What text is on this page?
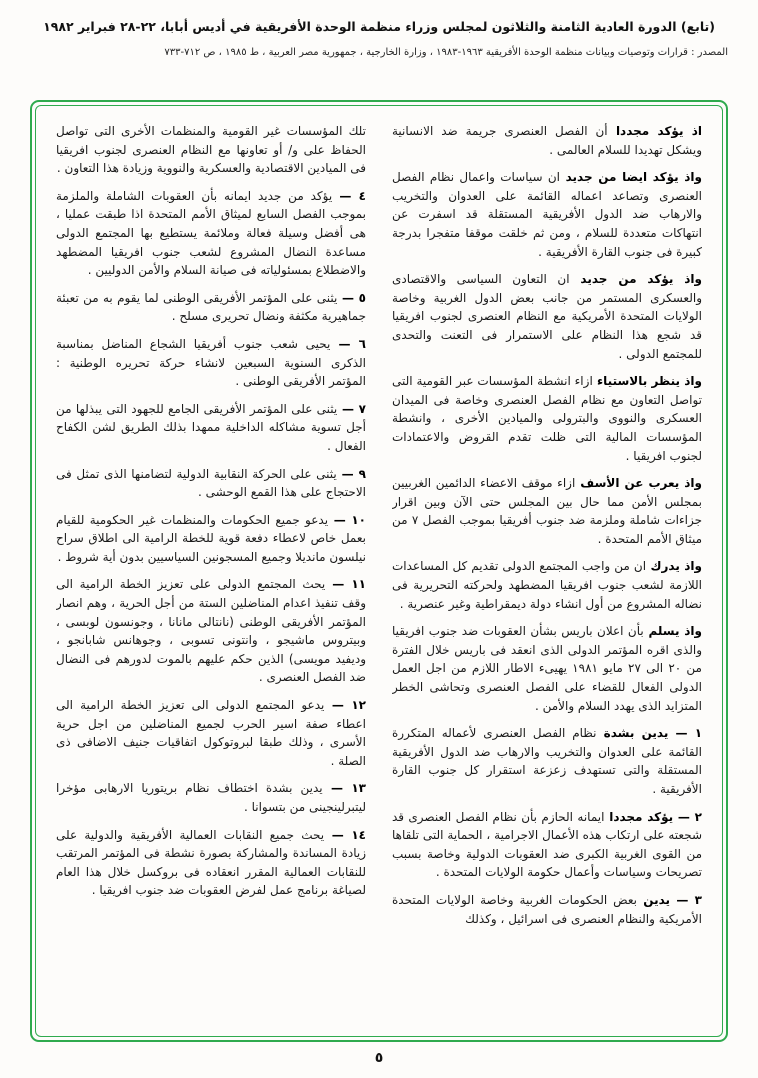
(تابع) الدورة العادية الثامنة والثلاثون لمجلس وزراء منظمة الوحدة الأفريقية في أديس أبابا، ٢٢-٢٨ فبراير ١٩٨٢
المصدر : قرارات وتوصيات وبيانات منظمة الوحدة الأفريقية ١٩٦٣-١٩٨٣ ، وزارة الخارجية ، جمهورية مصر العربية ، ط ١٩٨٥ ، ص ٧١٢-٧٣٣

اذ يؤكد مجددا أن الفصل العنصرى جريمة ضد الانسانية ويشكل تهديدا للسلام العالمى .

واذ يؤكد ايضا من جديد ان سياسات واعمال نظام الفصل العنصرى وتصاعد اعماله القائمة على العدوان والتخريب والارهاب ضد الدول الأفريقية المستقلة قد اسفرت عن انتهاكات متعددة للسلام ، ومن ثم خلقت موقفا متفجرا بدرجة كبيرة فى جنوب القارة الأفريقية .

واذ يؤكد من جديد ان التعاون السياسى والاقتصادى والعسكرى المستمر من جانب بعض الدول الغربية وخاصة الولايات المتحدة الأمريكية مع النظام العنصرى لجنوب افريقيا قد شجع هذا النظام على الاستمرار فى التعنت والتحدى للمجتمع الدولى .

واذ ينظر بالاستياء ازاء انشطة المؤسسات عبر القومية التى تواصل التعاون مع نظام الفصل العنصرى وخاصة فى الميدان العسكرى والنووى والبترولى والميادين الأخرى ، وانشطة المؤسسات المالية التى ظلت تقدم القروض والاعتمادات لجنوب افريقيا .

واذ يعرب عن الأسف ازاء موقف الاعضاء الدائمين الغربيين بمجلس الأمن مما حال بين المجلس حتى الآن وبين اقرار جزاءات شاملة وملزمة ضد جنوب أفريقيا بموجب الفصل ٧ من ميثاق الأمم المتحدة .

واذ يدرك ان من واجب المجتمع الدولى تقديم كل المساعدات اللازمة لشعب جنوب افريقيا المضطهد ولحركته التحريرية فى نضاله المشروع من أول انشاء دولة ديمقراطية وغير عنصرية .

واذ يسلم بأن اعلان باريس بشأن العقوبات ضد جنوب افريقيا والذى اقره المؤتمر الدولى الذى انعقد فى باريس خلال الفترة من ٢٠ الى ٢٧ مايو ١٩٨١ يهيىء الاطار اللازم من اجل العمل الدولى الفعال للقضاء على الفصل العنصرى وتحاشى الخطر المتزايد الذى يهدد السلام والأمن .

١ — يدين بشدة نظام الفصل العنصرى لأعماله المتكررة القائمة على العدوان والتخريب والارهاب ضد الدول الأفريقية المستقلة والتى تستهدف زعزعة استقرار كل جنوب القارة الأفريقية .

٢ — يؤكد مجددا ايمانه الحازم بأن نظام الفصل العنصرى قد شجعته على ارتكاب هذه الأعمال الاجرامية ، الحماية التى تلقاها من القوى الغربية الكبرى ضد العقوبات الدولية وخاصة بسبب تصريحات وسياسات وأعمال حكومة الولايات المتحدة .

٣ — يدين بعض الحكومات الغربية وخاصة الولايات المتحدة الأمريكية والنظام العنصرى فى اسرائيل ، وكذلك

تلك المؤسسات غير القومية والمنظمات الأخرى التى تواصل الحفاظ على و/ أو تعاونها مع النظام العنصرى لجنوب افريقيا فى الميادين الاقتصادية والعسكرية والنووية وزيادة هذا التعاون .

٤ — يؤكد من جديد ايمانه بأن العقوبات الشاملة والملزمة بموجب الفصل السابع لميثاق الأمم المتحدة اذا طبقت عمليا ، هى أفضل وسيلة فعالة وملائمة يستطيع بها المجتمع الدولى مساعدة النضال المشروع لشعب جنوب افريقيا المضطهد والاضطلاع بمسئولياته فى صيانة السلام والأمن الدوليين .

٥ — يثنى على المؤتمر الأفريقى الوطنى لما يقوم به من تعبئة جماهيرية مكثفة ونضال تحريرى مسلح .

٦ — يحيى شعب جنوب أفريقيا الشجاع المناضل بمناسبة الذكرى السنوية السبعين لانشاء حركة تحريره الوطنية : المؤتمر الأفريقى الوطنى .

٧ — يثنى على المؤتمر الأفريقى الجامع للجهود التى يبذلها من أجل تسوية مشاكله الداخلية ممهدا بذلك الطريق لشن الكفاح الفعال .

٩ — يثنى على الحركة النقابية الدولية لتضامنها الذى تمثل فى الاحتجاج على هذا القمع الوحشى .

١٠ — يدعو جميع الحكومات والمنظمات غير الحكومية للقيام بعمل خاص لاعطاء دفعة قوية للخطة الرامية الى اطلاق سراح نيلسون مانديلا وجميع المسجونين السياسيين بدون أية شروط .

١١ — يحث المجتمع الدولى على تعزيز الخطة الرامية الى وقف تنفيذ اعدام المناضلين الستة من أجل الحرية ، وهم انصار المؤتمر الأفريقى الوطنى (نانتالى مانانا ، وجونسون لوبسى ، وبيتروس ماشيجو ، وانتونى تسوبى ، وجوهانس شابانجو ، وديفيد مويسى) الذين حكم عليهم بالموت لدورهم فى النضال ضد الفصل العنصرى .

١٢ — يدعو المجتمع الدولى الى تعزيز الخطة الرامية الى اعطاء صفة اسير الحرب لجميع المناضلين من اجل حرية الأسرى ، وذلك طبقا لبروتوكول اتفاقيات جنيف الاضافى ذى الصلة .

١٣ — يدين بشدة اختطاف نظام بريتوريا الارهابى مؤخرا ليتبرلينجينى من بتسوانا .

١٤ — يحث جميع النقابات العمالية الأفريقية والدولية على زيادة المساندة والمشاركة بصورة نشطة فى المؤتمر المرتقب للنقابات العمالية المقرر انعقاده فى بروكسل خلال هذا العام لصياغة برنامج عمل لفرض العقوبات ضد جنوب افريقيا .

٥
